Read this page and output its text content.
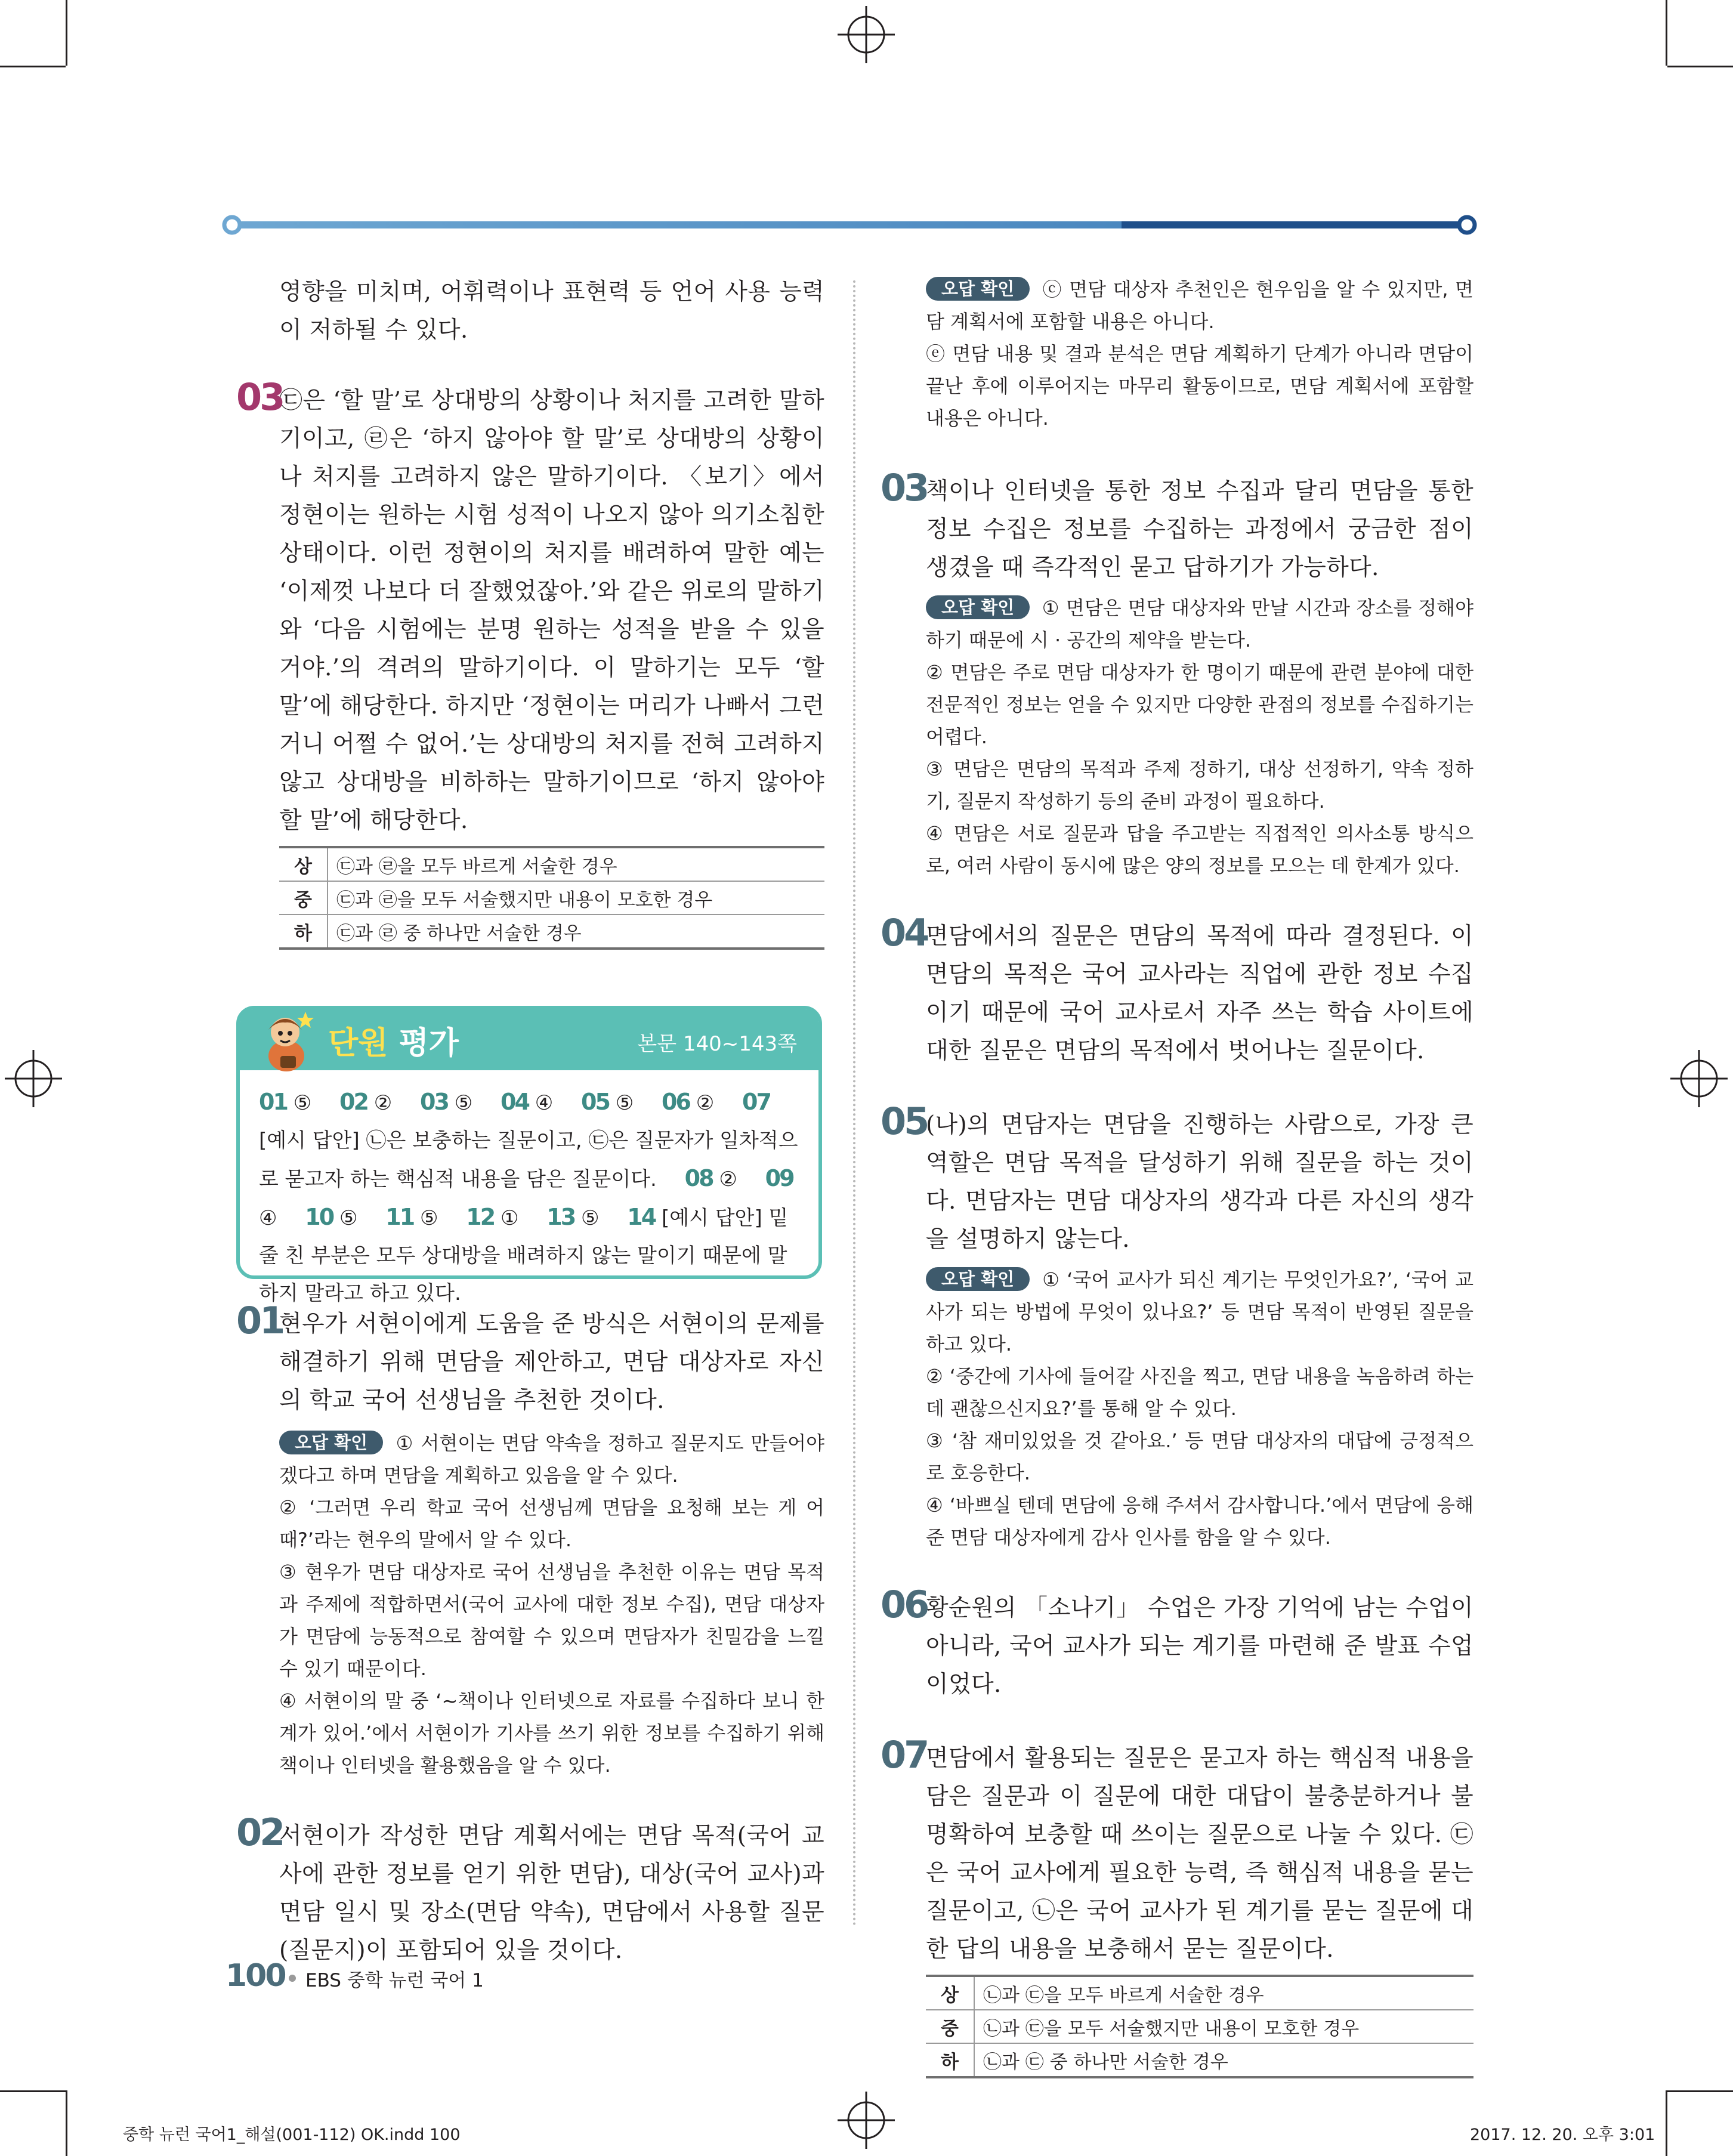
영향을 미치며, 어휘력이나 표현력 등 언어 사용 능력이 저하될 수 있다.
03
㉢은 ‘할 말’로 상대방의 상황이나 처지를 고려한 말하기이고, ㉣은 ‘하지 않아야 할 말’로 상대방의 상황이나 처지를 고려하지 않은 말하기이다. 〈보기〉에서 정현이는 원하는 시험 성적이 나오지 않아 의기소침한 상태이다. 이런 정현이의 처지를 배려하여 말한 예는 ‘이제껏 나보다 더 잘했었잖아.’와 같은 위로의 말하기와 ‘다음 시험에는 분명 원하는 성적을 받을 수 있을 거야.’의 격려의 말하기이다. 이 말하기는 모두 ‘할 말’에 해당한다. 하지만 ‘정현이는 머리가 나빠서 그런 거니 어쩔 수 없어.’는 상대방의 처지를 전혀 고려하지 않고 상대방을 비하하는 말하기이므로 ‘하지 않아야 할 말’에 해당한다.
상	㉢과 ㉣을 모두 바르게 서술한 경우
중	㉢과 ㉣을 모두 서술했지만 내용이 모호한 경우
하	㉢과 ㉣ 중 하나만 서술한 경우
단원 평가	본문 140~143쪽
01 ⑤ 02 ② 03 ⑤ 04 ④ 05 ⑤ 06 ② 07 [예시 답안] ㉡은 보충하는 질문이고, ㉢은 질문자가 일차적으로 묻고자 하는 핵심적 내용을 담은 질문이다. 08 ② 09 ④ 10 ⑤ 11 ⑤ 12 ① 13 ⑤ 14 [예시 답안] 밑줄 친 부분은 모두 상대방을 배려하지 않는 말이기 때문에 말하지 말라고 하고 있다.
01
현우가 서현이에게 도움을 준 방식은 서현이의 문제를 해결하기 위해 면담을 제안하고, 면담 대상자로 자신의 학교 국어 선생님을 추천한 것이다.
오답 확인 ① 서현이는 면담 약속을 정하고 질문지도 만들어야겠다고 하며 면담을 계획하고 있음을 알 수 있다.
② ‘그러면 우리 학교 국어 선생님께 면담을 요청해 보는 게 어때?’라는 현우의 말에서 알 수 있다.
③ 현우가 면담 대상자로 국어 선생님을 추천한 이유는 면담 목적과 주제에 적합하면서(국어 교사에 대한 정보 수집), 면담 대상자가 면담에 능동적으로 참여할 수 있으며 면담자가 친밀감을 느낄 수 있기 때문이다.
④ 서현이의 말 중 ‘~책이나 인터넷으로 자료를 수집하다 보니 한계가 있어.’에서 서현이가 기사를 쓰기 위한 정보를 수집하기 위해 책이나 인터넷을 활용했음을 알 수 있다.
02
서현이가 작성한 면담 계획서에는 면담 목적(국어 교사에 관한 정보를 얻기 위한 면담), 대상(국어 교사)과 면담 일시 및 장소(면담 약속), 면담에서 사용할 질문(질문지)이 포함되어 있을 것이다.
오답 확인 ⓒ 면담 대상자 추천인은 현우임을 알 수 있지만, 면담 계획서에 포함할 내용은 아니다.
ⓔ 면담 내용 및 결과 분석은 면담 계획하기 단계가 아니라 면담이 끝난 후에 이루어지는 마무리 활동이므로, 면담 계획서에 포함할 내용은 아니다.
03
책이나 인터넷을 통한 정보 수집과 달리 면담을 통한 정보 수집은 정보를 수집하는 과정에서 궁금한 점이 생겼을 때 즉각적인 묻고 답하기가 가능하다.
오답 확인 ① 면담은 면담 대상자와 만날 시간과 장소를 정해야 하기 때문에 시 · 공간의 제약을 받는다.
② 면담은 주로 면담 대상자가 한 명이기 때문에 관련 분야에 대한 전문적인 정보는 얻을 수 있지만 다양한 관점의 정보를 수집하기는 어렵다.
③ 면담은 면담의 목적과 주제 정하기, 대상 선정하기, 약속 정하기, 질문지 작성하기 등의 준비 과정이 필요하다.
④ 면담은 서로 질문과 답을 주고받는 직접적인 의사소통 방식으로, 여러 사람이 동시에 많은 양의 정보를 모으는 데 한계가 있다.
04
면담에서의 질문은 면담의 목적에 따라 결정된다. 이 면담의 목적은 국어 교사라는 직업에 관한 정보 수집이기 때문에 국어 교사로서 자주 쓰는 학습 사이트에 대한 질문은 면담의 목적에서 벗어나는 질문이다.
05
(나)의 면담자는 면담을 진행하는 사람으로, 가장 큰 역할은 면담 목적을 달성하기 위해 질문을 하는 것이다. 면담자는 면담 대상자의 생각과 다른 자신의 생각을 설명하지 않는다.
오답 확인 ① ‘국어 교사가 되신 계기는 무엇인가요?’, ‘국어 교사가 되는 방법에 무엇이 있나요?’ 등 면담 목적이 반영된 질문을 하고 있다.
② ‘중간에 기사에 들어갈 사진을 찍고, 면담 내용을 녹음하려 하는데 괜찮으신지요?’를 통해 알 수 있다.
③ ‘참 재미있었을 것 같아요.’ 등 면담 대상자의 대답에 긍정적으로 호응한다.
④ ‘바쁘실 텐데 면담에 응해 주셔서 감사합니다.’에서 면담에 응해 준 면담 대상자에게 감사 인사를 함을 알 수 있다.
06
황순원의 「소나기」 수업은 가장 기억에 남는 수업이 아니라, 국어 교사가 되는 계기를 마련해 준 발표 수업이었다.
07
면담에서 활용되는 질문은 묻고자 하는 핵심적 내용을 담은 질문과 이 질문에 대한 대답이 불충분하거나 불명확하여 보충할 때 쓰이는 질문으로 나눌 수 있다. ㉢은 국어 교사에게 필요한 능력, 즉 핵심적 내용을 묻는 질문이고, ㉡은 국어 교사가 된 계기를 묻는 질문에 대한 답의 내용을 보충해서 묻는 질문이다.
상	㉡과 ㉢을 모두 바르게 서술한 경우
중	㉡과 ㉢을 모두 서술했지만 내용이 모호한 경우
하	㉡과 ㉢ 중 하나만 서술한 경우
100 EBS 중학 뉴런 국어 1
중학 뉴런 국어1_해설(001-112) OK.indd 100	2017. 12. 20. 오후 3:01
